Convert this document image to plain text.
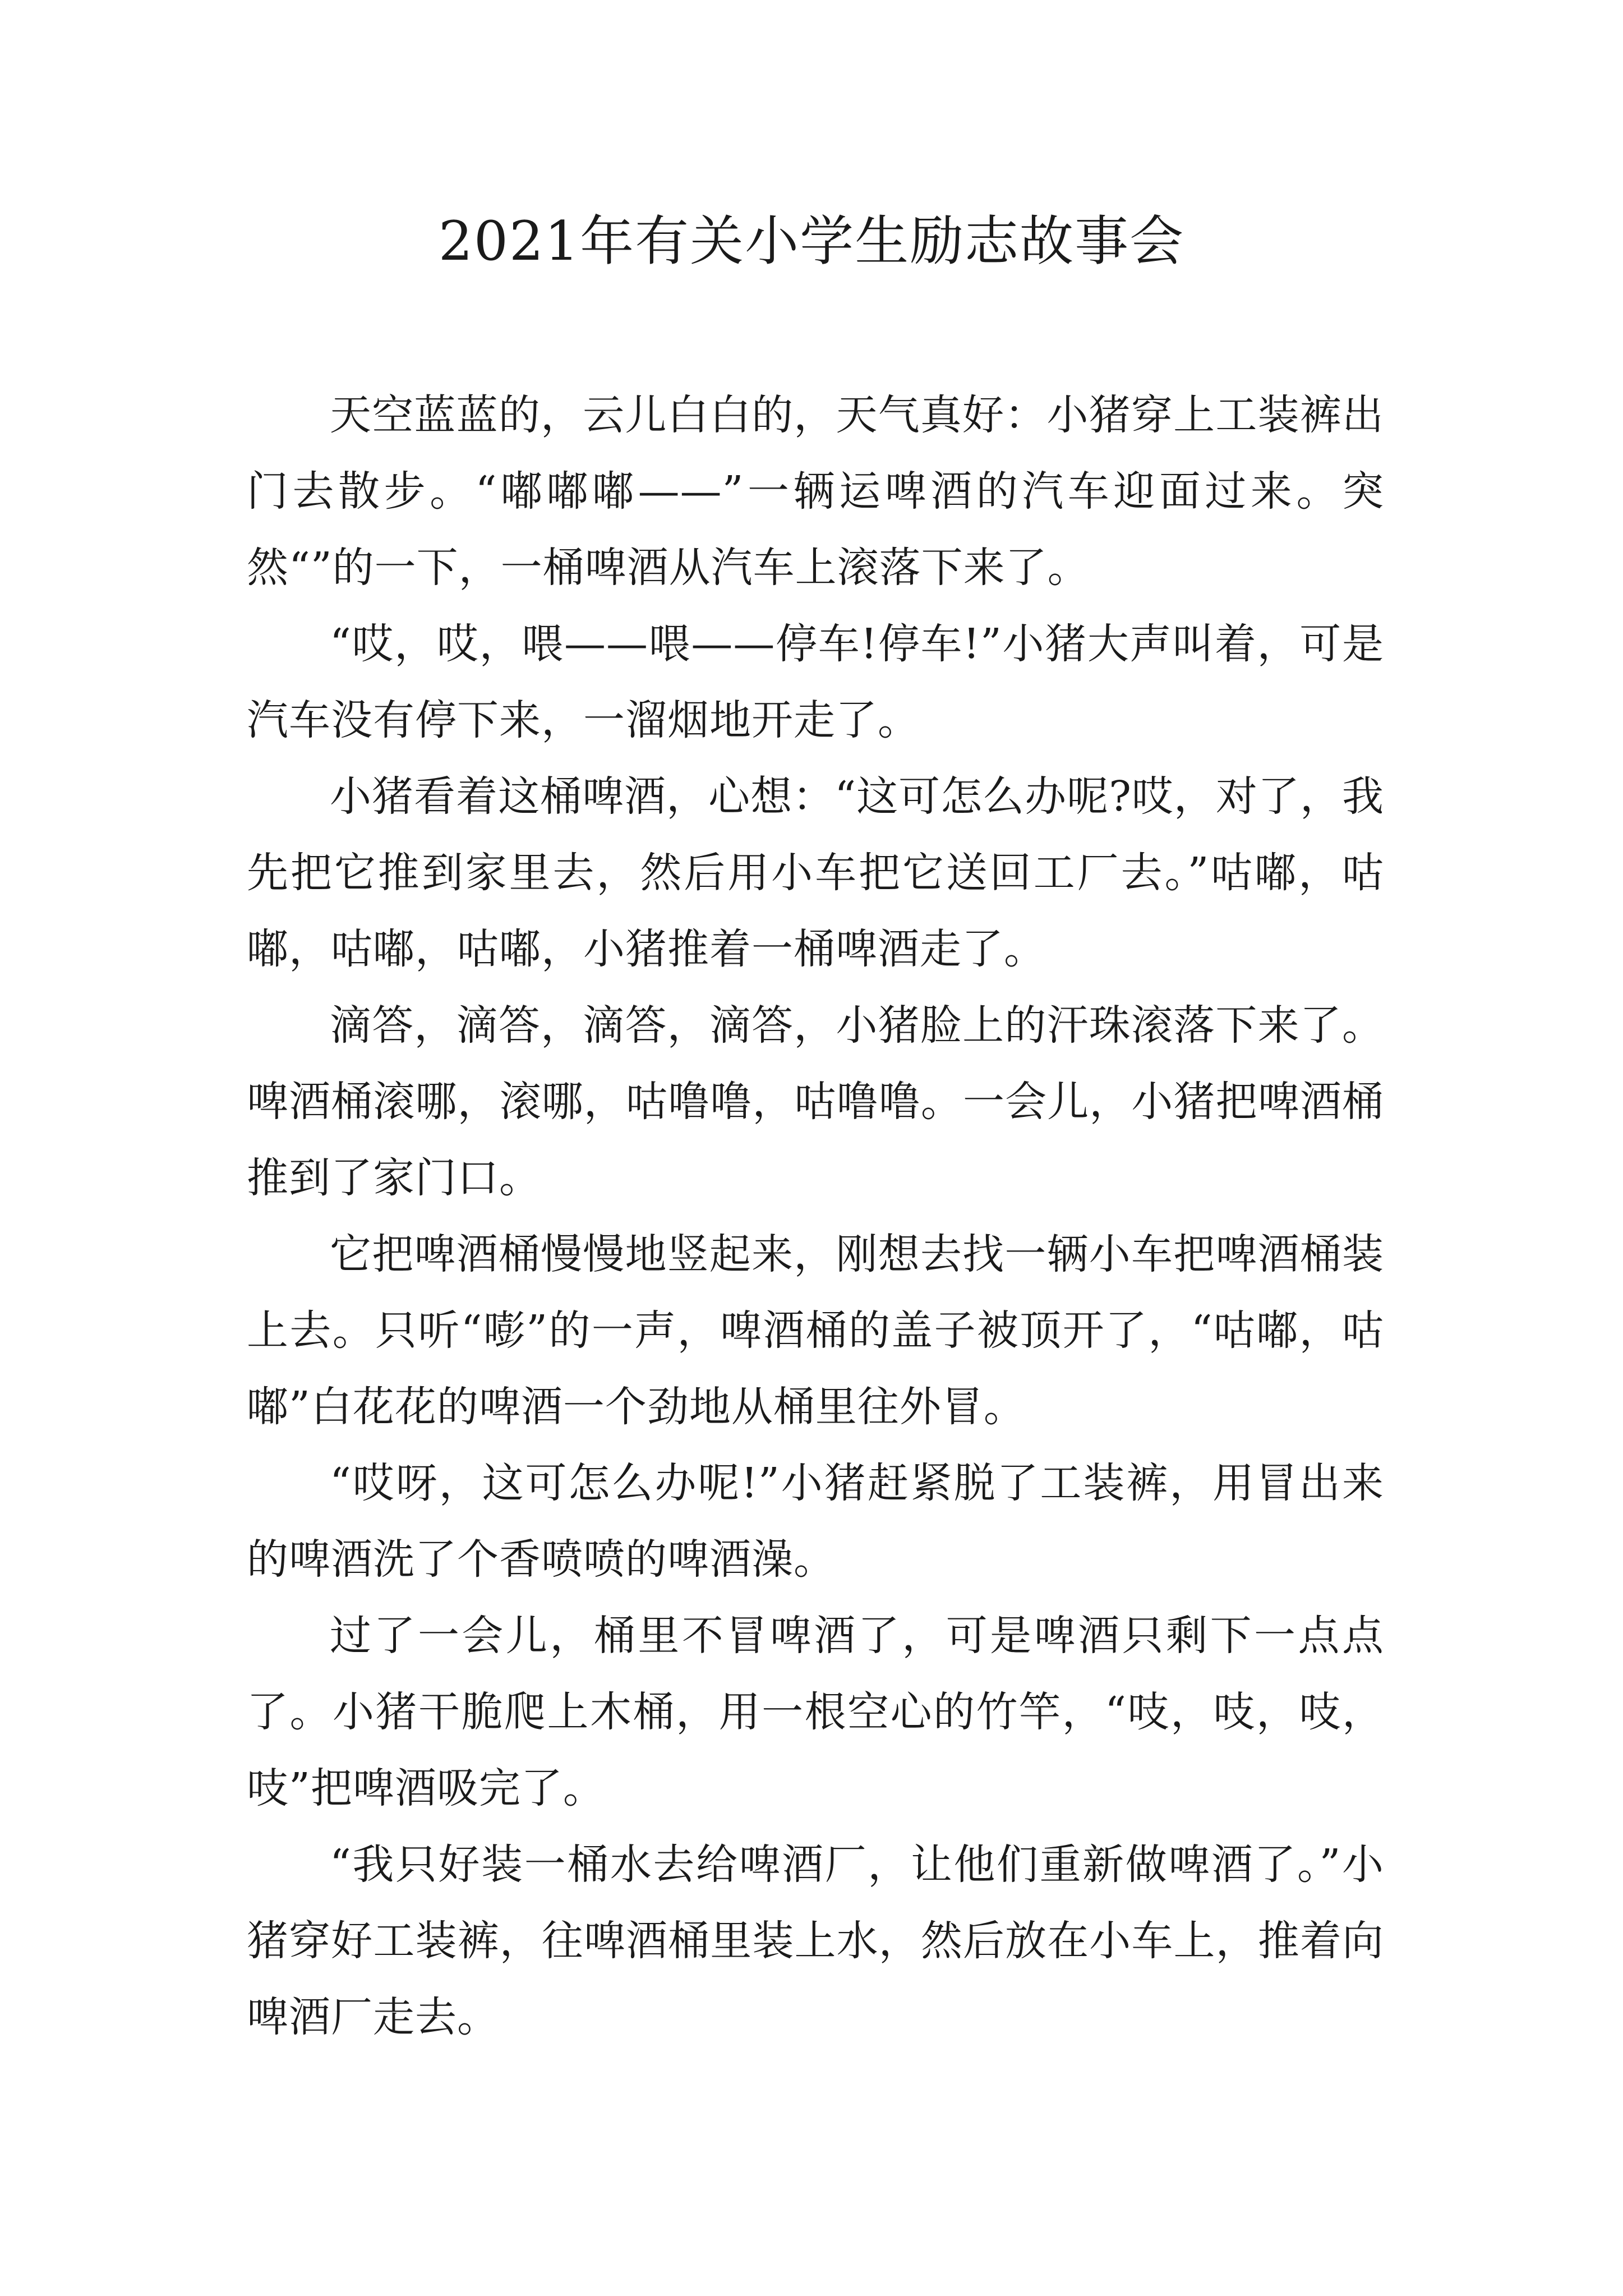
2021年有关小学生励志故事会

天空蓝蓝的，云儿白白的，天气真好：小猪穿上工装裤出门去散步。“嘟嘟嘟——”一辆运啤酒的汽车迎面过来。突然“”的一下，一桶啤酒从汽车上滚落下来了。

“哎，哎，喂——喂——停车!停车!”小猪大声叫着，可是汽车没有停下来，一溜烟地开走了。

小猪看着这桶啤酒，心想：“这可怎么办呢?哎，对了，我先把它推到家里去，然后用小车把它送回工厂去。”咕嘟，咕嘟，咕嘟，咕嘟，小猪推着一桶啤酒走了。

滴答，滴答，滴答，滴答，小猪脸上的汗珠滚落下来了。啤酒桶滚哪，滚哪，咕噜噜，咕噜噜。一会儿，小猪把啤酒桶推到了家门口。

它把啤酒桶慢慢地竖起来，刚想去找一辆小车把啤酒桶装上去。只听“嘭”的一声，啤酒桶的盖子被顶开了，“咕嘟，咕嘟”白花花的啤酒一个劲地从桶里往外冒。

“哎呀，这可怎么办呢!”小猪赶紧脱了工装裤，用冒出来的啤酒洗了个香喷喷的啤酒澡。

过了一会儿，桶里不冒啤酒了，可是啤酒只剩下一点点了。小猪干脆爬上木桶，用一根空心的竹竿，“吱，吱，吱，吱”把啤酒吸完了。

“我只好装一桶水去给啤酒厂，让他们重新做啤酒了。”小猪穿好工装裤，往啤酒桶里装上水，然后放在小车上，推着向啤酒厂走去。
